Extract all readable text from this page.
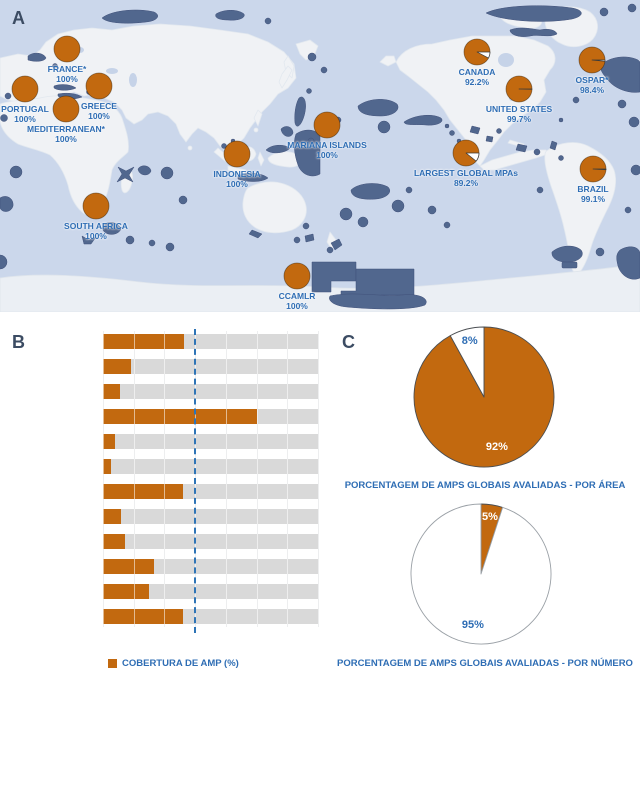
A
FRANCE*
100%
PORTUGAL
100%
GREECE
100%
MEDITERRANEAN*
100%
SOUTH AFRICA
100%
INDONESIA
100%
MARIANA ISLANDS
100%
CCAMLR
100%
CANADA
92.2%
UNITED STATES
99.7%
OSPAR*
98.4%
LARGEST GLOBAL MPAs
89.2%
BRAZIL
99.1%
B
COBERTURA DE AMP (%)
C
92%
8%
PORCENTAGEM DE AMPS GLOBAIS AVALIADAS - POR ÁREA
5%
95%
PORCENTAGEM DE AMPS GLOBAIS AVALIADAS - POR NÚMERO
